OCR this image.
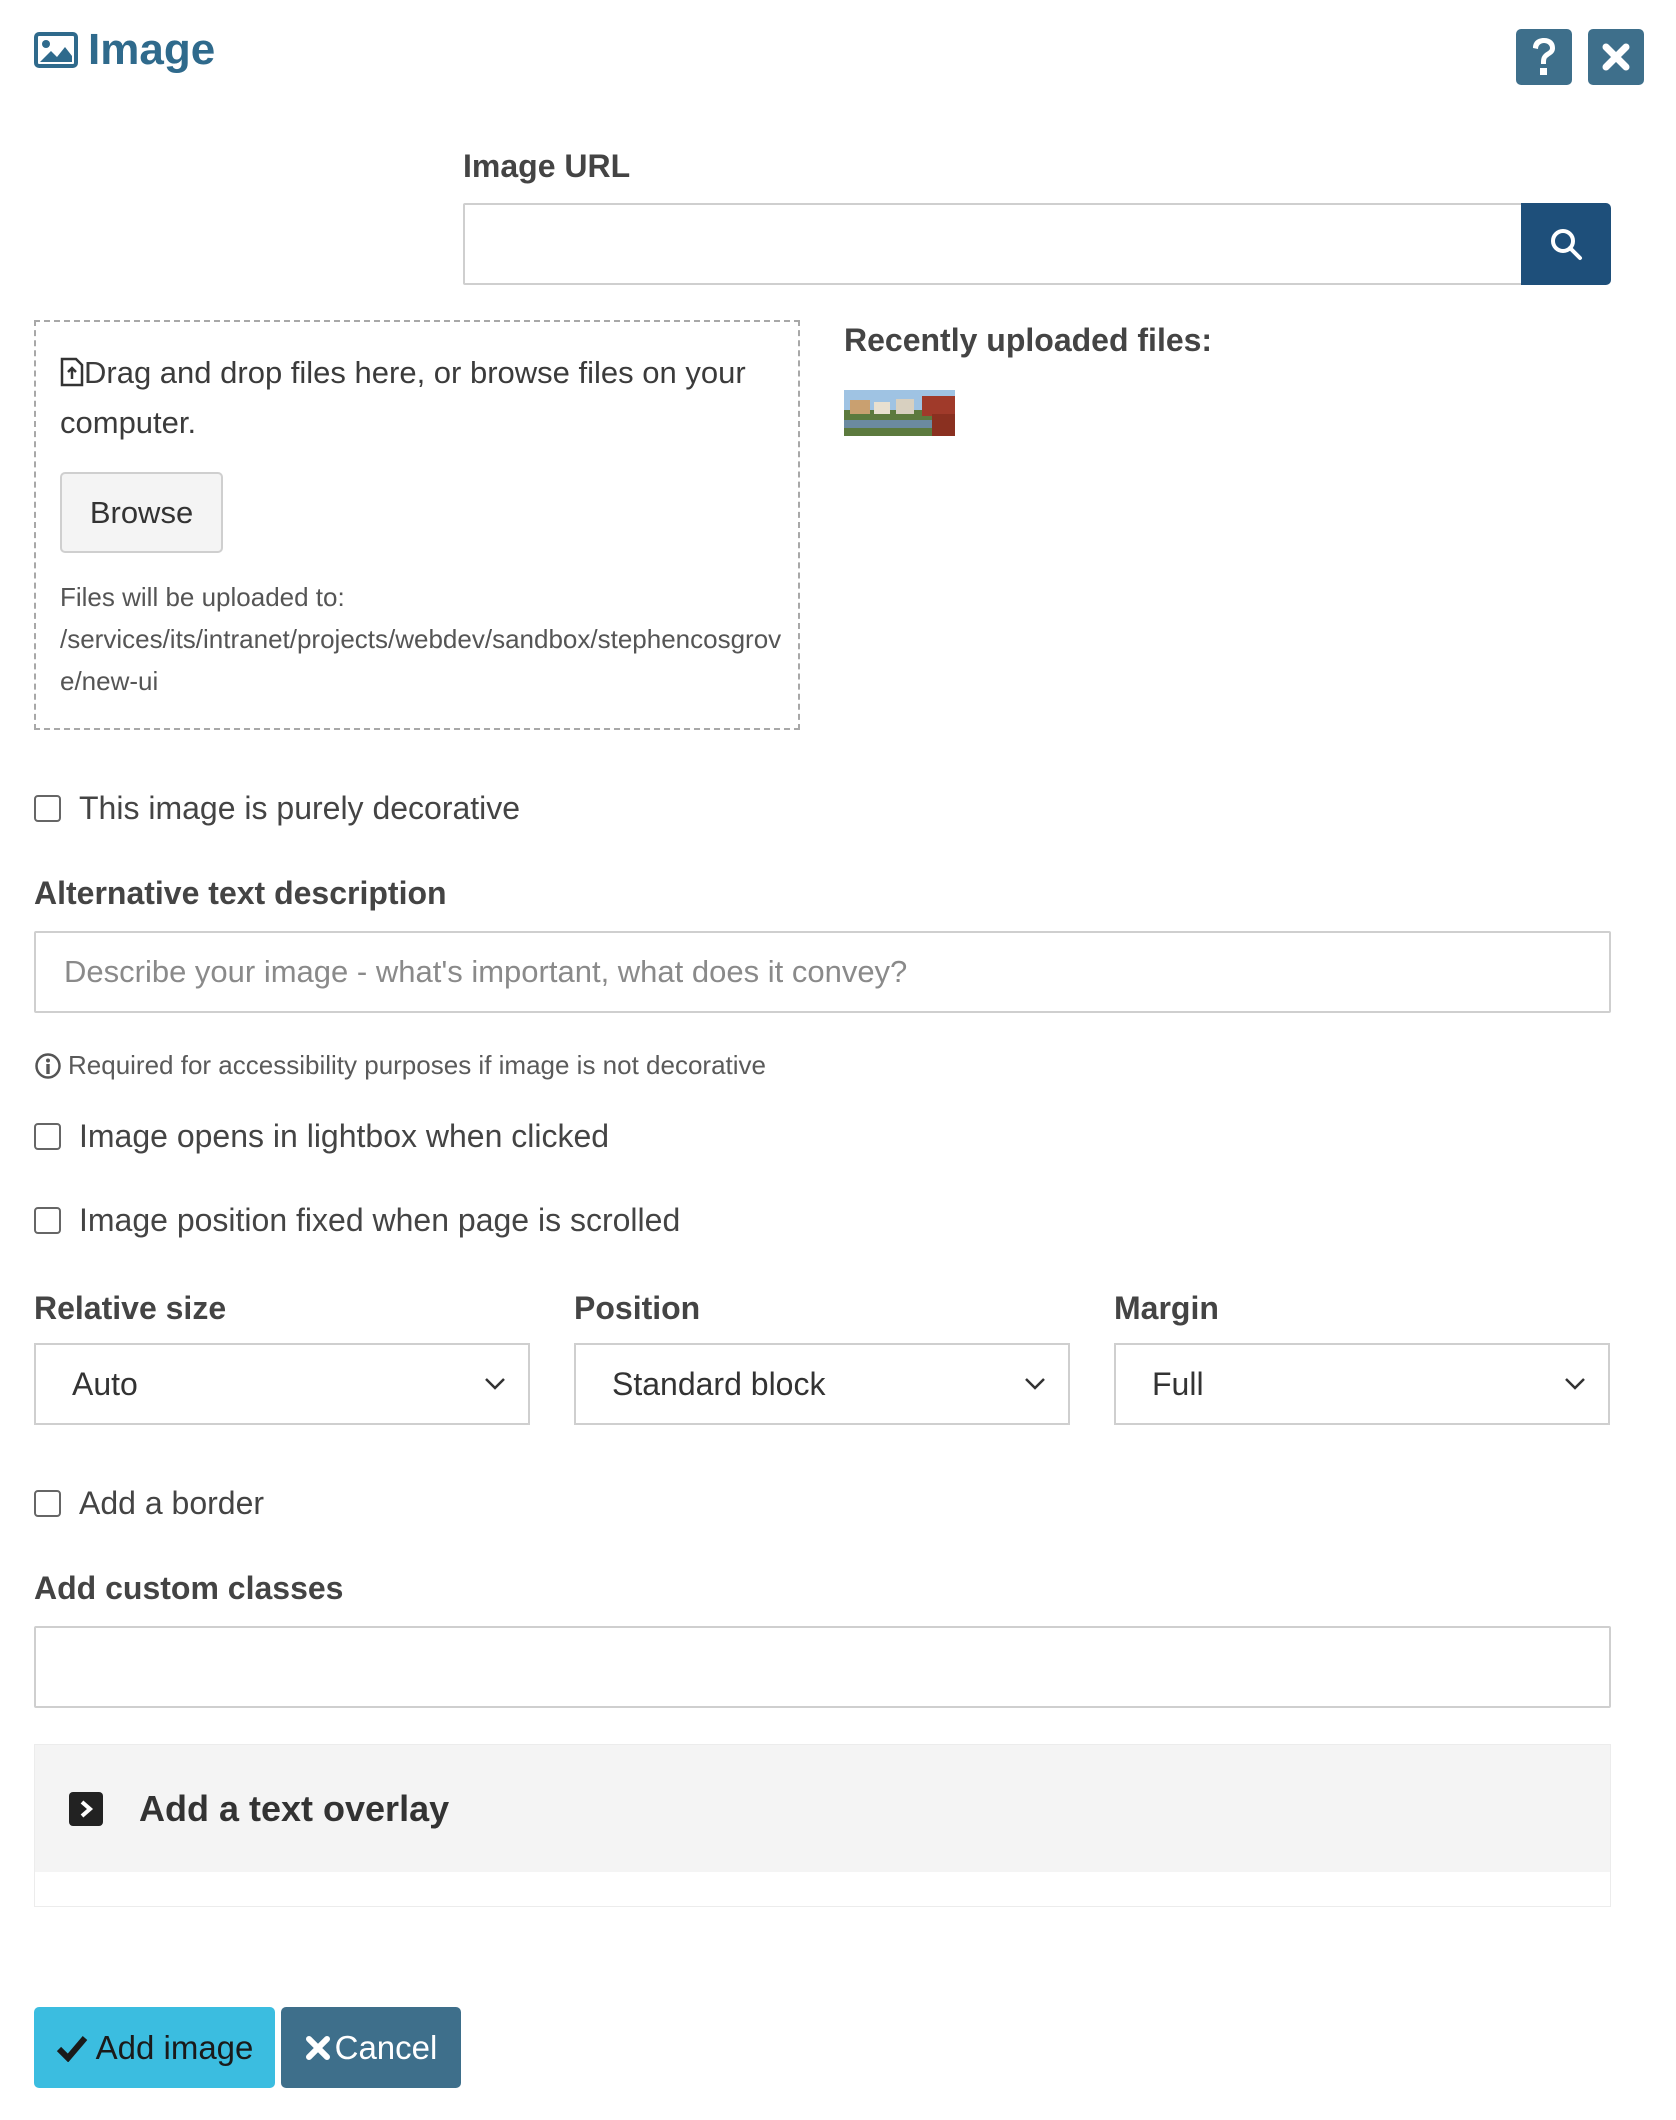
Image
Image URL
Drag and drop files here, or browse files on your computer.
Browse
Files will be uploaded to:
/services/its/intranet/projects/webdev/sandbox/stephencosgrove/new-ui
Recently uploaded files:
This image is purely decorative
Alternative text description
Describe your image - what's important, what does it convey?
Required for accessibility purposes if image is not decorative
Image opens in lightbox when clicked
Image position fixed when page is scrolled
Relative size
Auto
Position
Standard block
Margin
Full
Add a border
Add custom classes
Add a text overlay
Add image Cancel
